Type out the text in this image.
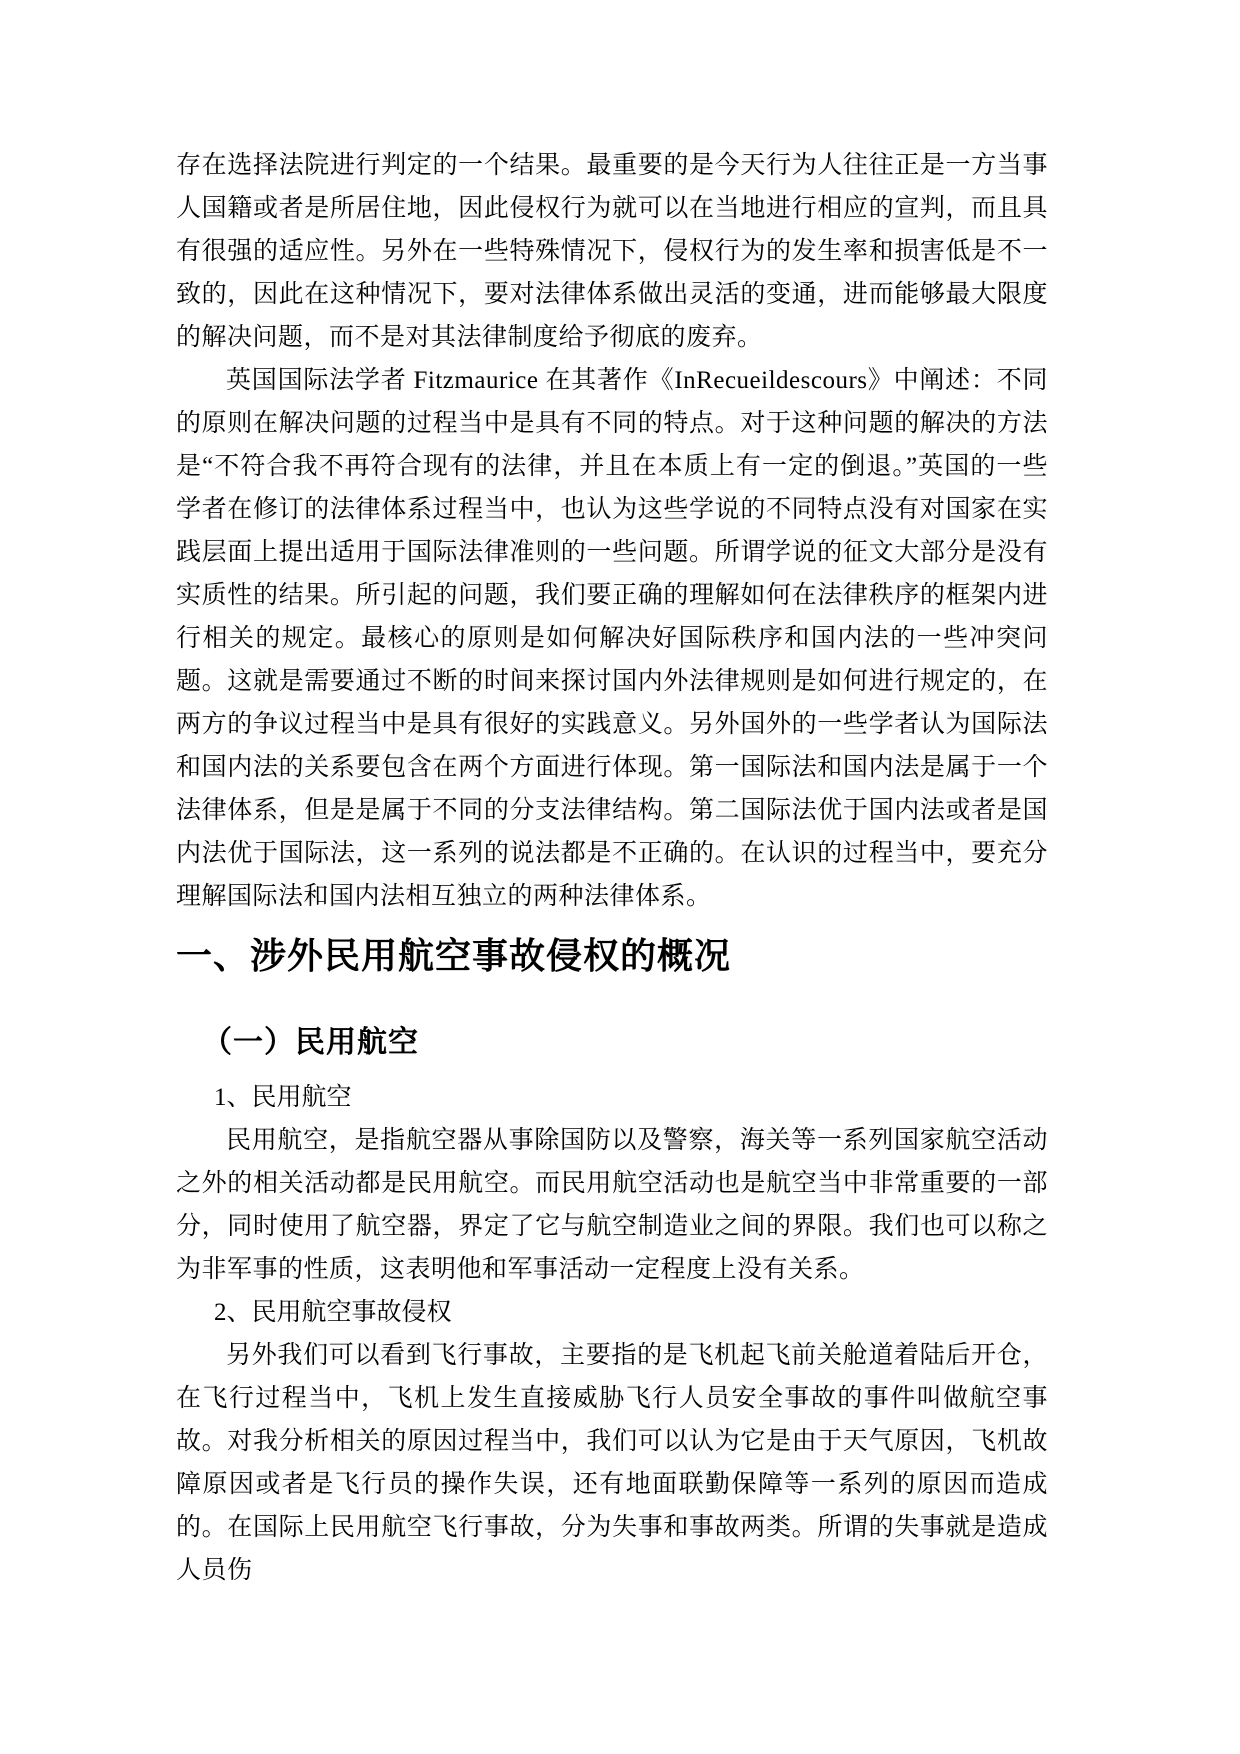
存在选择法院进行判定的一个结果。最重要的是今天行为人往往正是一方当事人国籍或者是所居住地，因此侵权行为就可以在当地进行相应的宣判，而且具有很强的适应性。另外在一些特殊情况下，侵权行为的发生率和损害低是不一致的，因此在这种情况下，要对法律体系做出灵活的变通，进而能够最大限度的解决问题，而不是对其法律制度给予彻底的废弃。

英国国际法学者 Fitzmaurice 在其著作《InRecueildescours》中阐述：不同的原则在解决问题的过程当中是具有不同的特点。对于这种问题的解决的方法是“不符合我不再符合现有的法律，并且在本质上有一定的倒退。”英国的一些学者在修订的法律体系过程当中，也认为这些学说的不同特点没有对国家在实践层面上提出适用于国际法律准则的一些问题。所谓学说的征文大部分是没有实质性的结果。所引起的问题，我们要正确的理解如何在法律秩序的框架内进行相关的规定。最核心的原则是如何解决好国际秩序和国内法的一些冲突问题。这就是需要通过不断的时间来探讨国内外法律规则是如何进行规定的，在两方的争议过程当中是具有很好的实践意义。另外国外的一些学者认为国际法和国内法的关系要包含在两个方面进行体现。第一国际法和国内法是属于一个法律体系，但是是属于不同的分支法律结构。第二国际法优于国内法或者是国内法优于国际法，这一系列的说法都是不正确的。在认识的过程当中，要充分理解国际法和国内法相互独立的两种法律体系。

一、涉外民用航空事故侵权的概况
（一）民用航空
1、民用航空

民用航空，是指航空器从事除国防以及警察，海关等一系列国家航空活动之外的相关活动都是民用航空。而民用航空活动也是航空当中非常重要的一部分，同时使用了航空器，界定了它与航空制造业之间的界限。我们也可以称之为非军事的性质，这表明他和军事活动一定程度上没有关系。

2、民用航空事故侵权

另外我们可以看到飞行事故，主要指的是飞机起飞前关舱道着陆后开仓，在飞行过程当中，飞机上发生直接威胁飞行人员安全事故的事件叫做航空事故。对我分析相关的原因过程当中，我们可以认为它是由于天气原因，飞机故障原因或者是飞行员的操作失误，还有地面联勤保障等一系列的原因而造成的。在国际上民用航空飞行事故，分为失事和事故两类。所谓的失事就是造成人员伤
